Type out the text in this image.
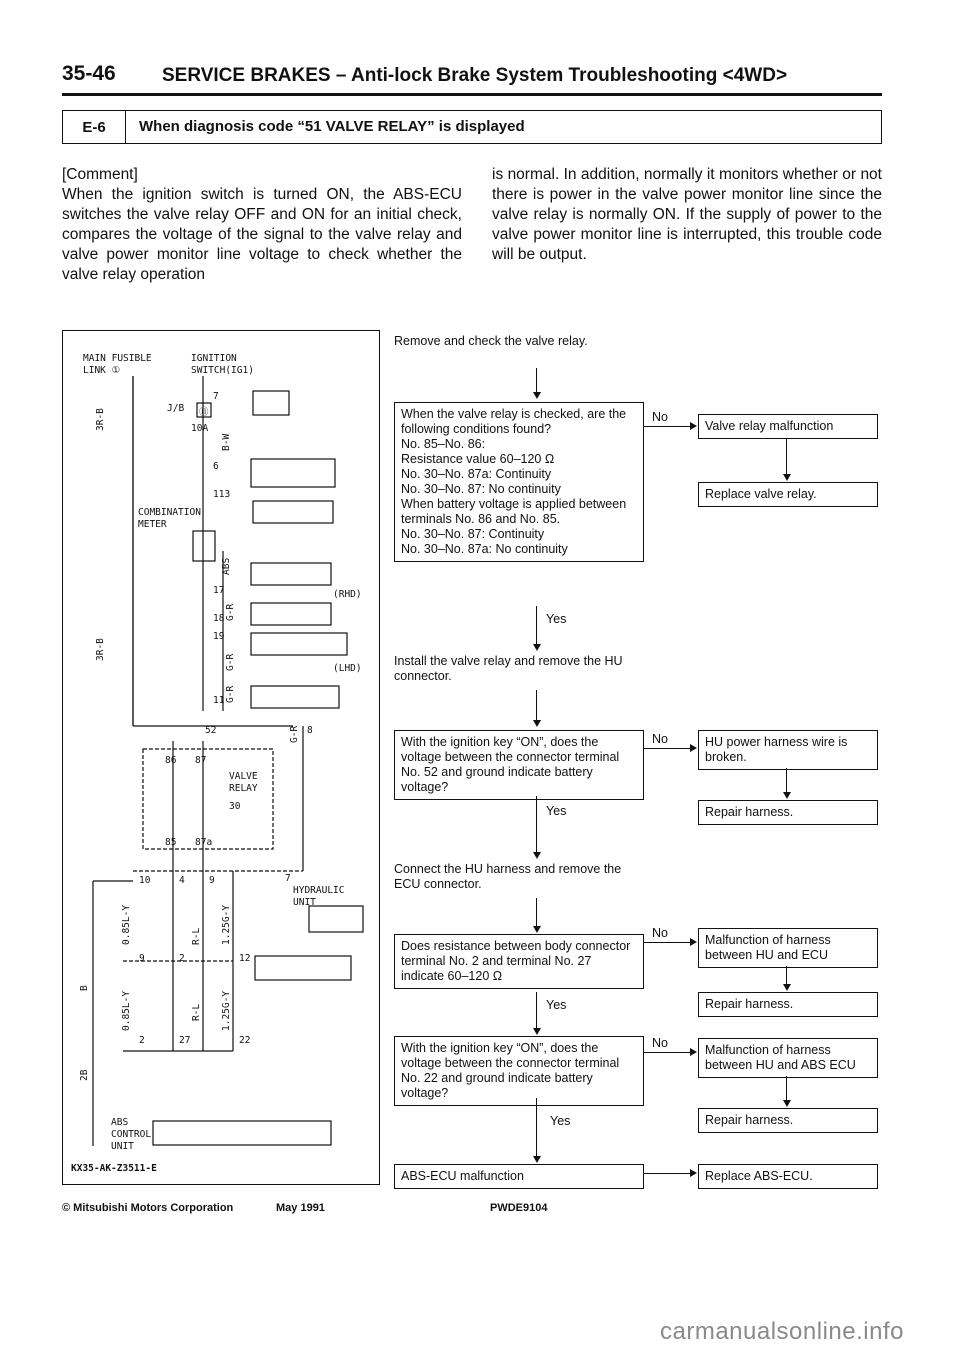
35-46 SERVICE BRAKES – Anti-lock Brake System Troubleshooting <4WD>
E-6	When diagnosis code “51 VALVE RELAY” is displayed

[Comment]

When the ignition switch is turned ON, the ABS-ECU switches the valve relay OFF and ON for an initial check, compares the voltage of the signal to the valve relay and valve power monitor line voltage to check whether the valve relay operation

is normal. In addition, normally it monitors whether or not there is power in the valve power monitor line since the valve relay is normally ON. If the supply of power to the valve power monitor line is interrupted, this trouble code will be output.
MAIN FUSIBLE
LINK ①
IGNITION
SWITCH(IG1)
J/B ⑪
10A
COMBINATION
METER
(RHD)
(LHD)
VALVE
RELAY
HYDRAULIC
UNIT
ABS
CONTROL
UNIT
86 87
30
85 87a
7
6
113
17
18
19
11
52	8
10	4	9	7
9	2	12
2	27	22
3R-B
3R-B
B
2B
B-W
ABS
G-R
G-R
G-R
G-R
0.85L-Y
0.85L-Y
R-L
R-L
1.25G-Y
1.25G-Y
KX35-AK-Z3511-E
Remove and check the valve relay.
When the valve relay is checked, are the following conditions found?
No. 85–No. 86:
Resistance value 60–120 Ω
No. 30–No. 87a: Continuity
No. 30–No. 87: No continuity
When battery voltage is applied between terminals No. 86 and No. 85.
No. 30–No. 87: Continuity
No. 30–No. 87a: No continuity
No
Valve relay malfunction
Replace valve relay.
Yes
Install the valve relay and remove the HU connector.
With the ignition key “ON”, does the voltage between the connector terminal No. 52 and ground indicate battery voltage?
No	HU power harness wire is broken.
Repair harness.
Yes
Connect the HU harness and remove the ECU connector.
Does resistance between body connector terminal No. 2 and terminal No. 27 indicate 60–120 Ω
No	Malfunction of harness between HU and ECU
Repair harness.
Yes
With the ignition key “ON”, does the voltage between the connector terminal No. 22 and ground indicate battery voltage?
No	Malfunction of harness between HU and ABS ECU
Repair harness.
Yes
ABS-ECU malfunction	Replace ABS-ECU.
© Mitsubishi Motors Corporation	May 1991	PWDE9104
carmanualsonline.info
